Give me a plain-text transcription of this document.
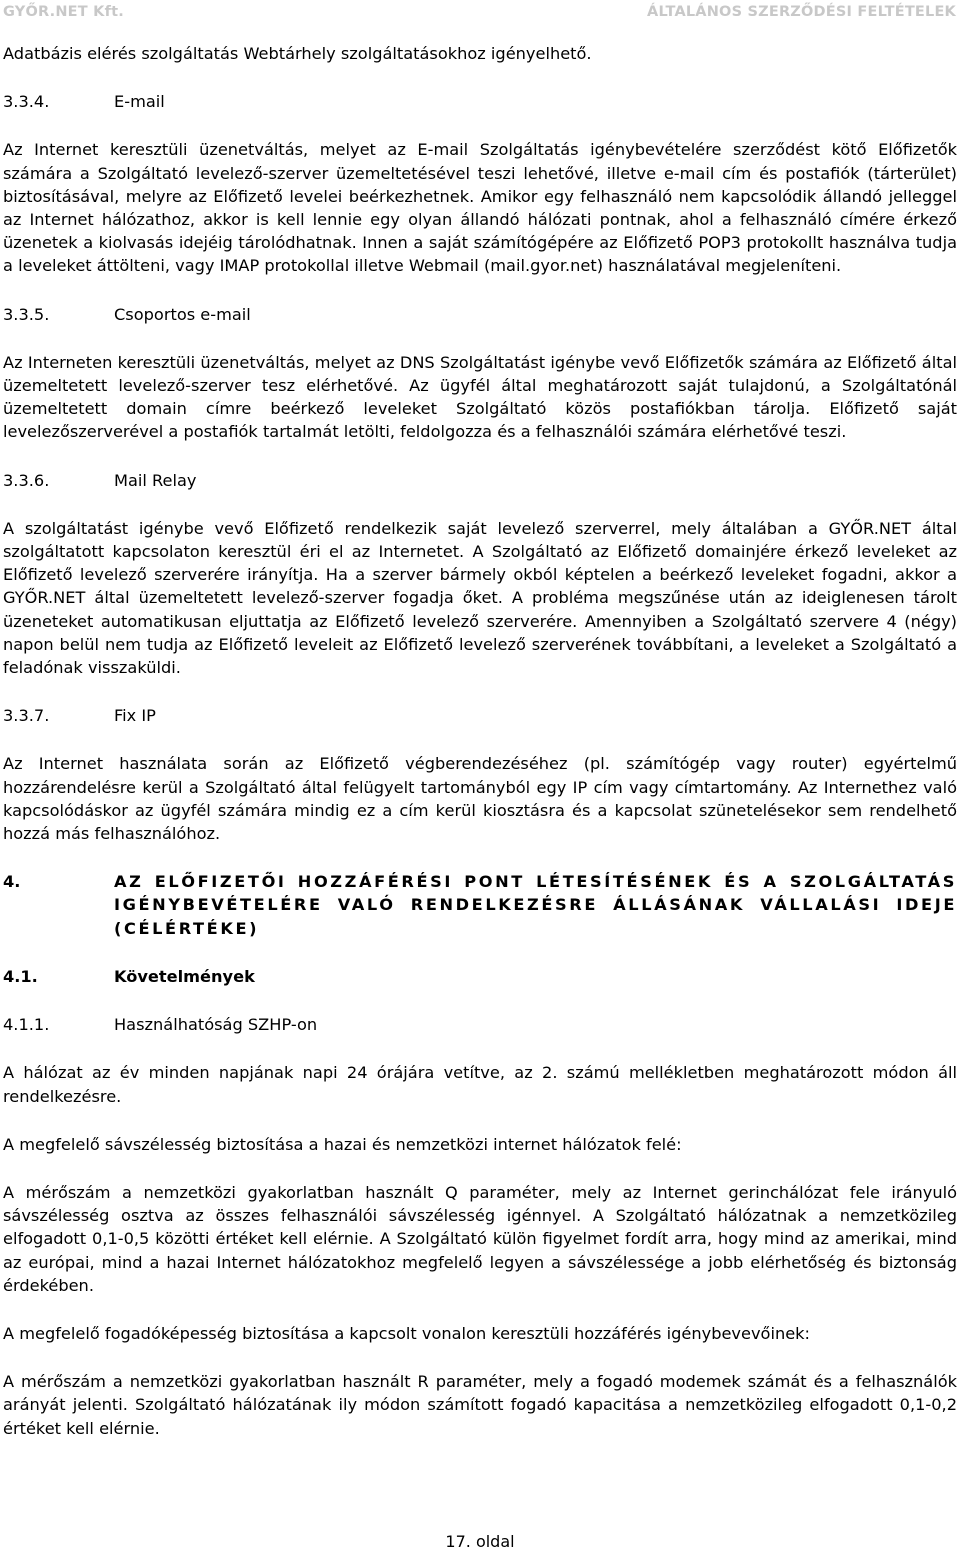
GYŐR.NET Kft.	ÁLTALÁNOS SZERZŐDÉSI FELTÉTELEK

Adatbázis elérés szolgáltatás Webtárhely szolgáltatásokhoz igényelhető.

3.3.4.	E-mail

Az Internet keresztüli üzenetváltás, melyet az E-mail Szolgáltatás igénybevételére szerződést kötő Előfizetők számára a Szolgáltató levelező-szerver üzemeltetésével teszi lehetővé, illetve e-mail cím és postafiók (tárterület) biztosításával, melyre az Előfizető levelei beérkezhetnek. Amikor egy felhasználó nem kapcsolódik állandó jelleggel az Internet hálózathoz, akkor is kell lennie egy olyan állandó hálózati pontnak, ahol a felhasználó címére érkező üzenetek a kiolvasás idejéig tárolódhatnak. Innen a saját számítógépére az Előfizető POP3 protokollt használva tudja a leveleket áttölteni, vagy IMAP protokollal illetve Webmail (mail.gyor.net) használatával megjeleníteni.

3.3.5.	Csoportos e-mail

Az Interneten keresztüli üzenetváltás, melyet az DNS Szolgáltatást igénybe vevő Előfizetők számára az Előfizető által üzemeltetett levelező-szerver tesz elérhetővé. Az ügyfél által meghatározott saját tulajdonú, a Szolgáltatónál üzemeltetett domain címre beérkező leveleket Szolgáltató közös postafiókban tárolja. Előfizető saját levelezőszerverével a postafiók tartalmát letölti, feldolgozza és a felhasználói számára elérhetővé teszi.

3.3.6.	Mail Relay

A szolgáltatást igénybe vevő Előfizető rendelkezik saját levelező szerverrel, mely általában a GYŐR.NET által szolgáltatott kapcsolaton keresztül éri el az Internetet. A Szolgáltató az Előfizető domainjére érkező leveleket az Előfizető levelező szerverére irányítja. Ha a szerver bármely okból képtelen a beérkező leveleket fogadni, akkor a GYŐR.NET által üzemeltetett levelező-szerver fogadja őket. A probléma megszűnése után az ideiglenesen tárolt üzeneteket automatikusan eljuttatja az Előfizető levelező szerverére. Amennyiben a Szolgáltató szervere 4 (négy) napon belül nem tudja az Előfizető leveleit az Előfizető levelező szerverének továbbítani, a leveleket a Szolgáltató a feladónak visszaküldi.

3.3.7.	Fix IP

Az Internet használata során az Előfizető végberendezéséhez (pl. számítógép vagy router) egyértelmű hozzárendelésre kerül a Szolgáltató által felügyelt tartományból egy IP cím vagy címtartomány. Az Internethez való kapcsolódáskor az ügyfél számára mindig ez a cím kerül kiosztásra és a kapcsolat szünetelésekor sem rendelhető hozzá más felhasználóhoz.

4.	AZ ELŐFIZETŐI HOZZÁFÉRÉSI PONT LÉTESÍTÉSÉNEK ÉS A SZOLGÁLTATÁS IGÉNYBEVÉTELÉRE VALÓ RENDELKEZÉSRE ÁLLÁSÁNAK VÁLLALÁSI IDEJE (CÉLÉRTÉKE)
4.1.	Követelmények
4.1.1.	Használhatóság SZHP-on

A hálózat az év minden napjának napi 24 órájára vetítve, az 2. számú mellékletben meghatározott módon áll rendelkezésre.

A megfelelő sávszélesség biztosítása a hazai és nemzetközi internet hálózatok felé:

A mérőszám a nemzetközi gyakorlatban használt Q paraméter, mely az Internet gerinchálózat fele irányuló sávszélesség osztva az összes felhasználói sávszélesség igénnyel. A Szolgáltató hálózatnak a nemzetközileg elfogadott 0,1-0,5 közötti értéket kell elérnie. A Szolgáltató külön figyelmet fordít arra, hogy mind az amerikai, mind az európai, mind a hazai Internet hálózatokhoz megfelelő legyen a sávszélessége a jobb elérhetőség és biztonság érdekében.

A megfelelő fogadóképesség biztosítása a kapcsolt vonalon keresztüli hozzáférés igénybevevőinek:

A mérőszám a nemzetközi gyakorlatban használt R paraméter, mely a fogadó modemek számát és a felhasználók arányát jelenti. Szolgáltató hálózatának ily módon számított fogadó kapacitása a nemzetközileg elfogadott 0,1-0,2 értéket kell elérnie.

17. oldal
